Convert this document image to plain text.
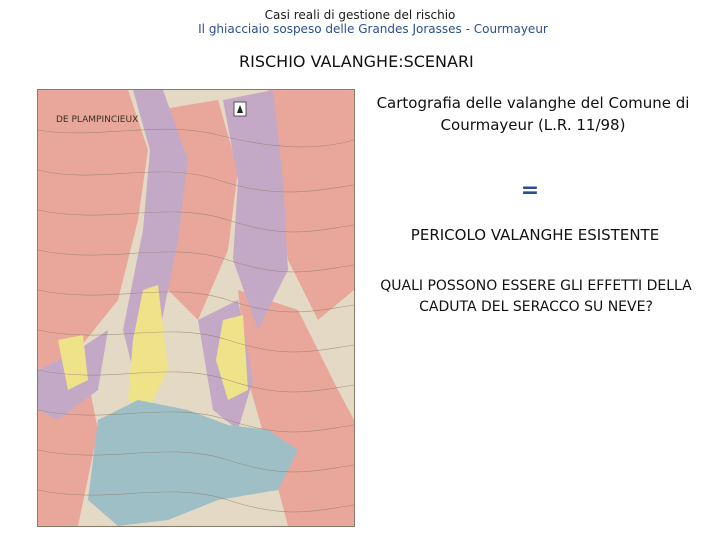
Casi reali di gestione del rischio
Il ghiacciaio sospeso delle Grandes Jorasses - Courmayeur
RISCHIO VALANGHE:SCENARI
DE PLAMPINCIEUX
Cartografia delle valanghe del Comune di Courmayeur (L.R. 11/98)
=
PERICOLO VALANGHE ESISTENTE
QUALI POSSONO ESSERE GLI EFFETTI DELLA CADUTA DEL SERACCO SU NEVE?
